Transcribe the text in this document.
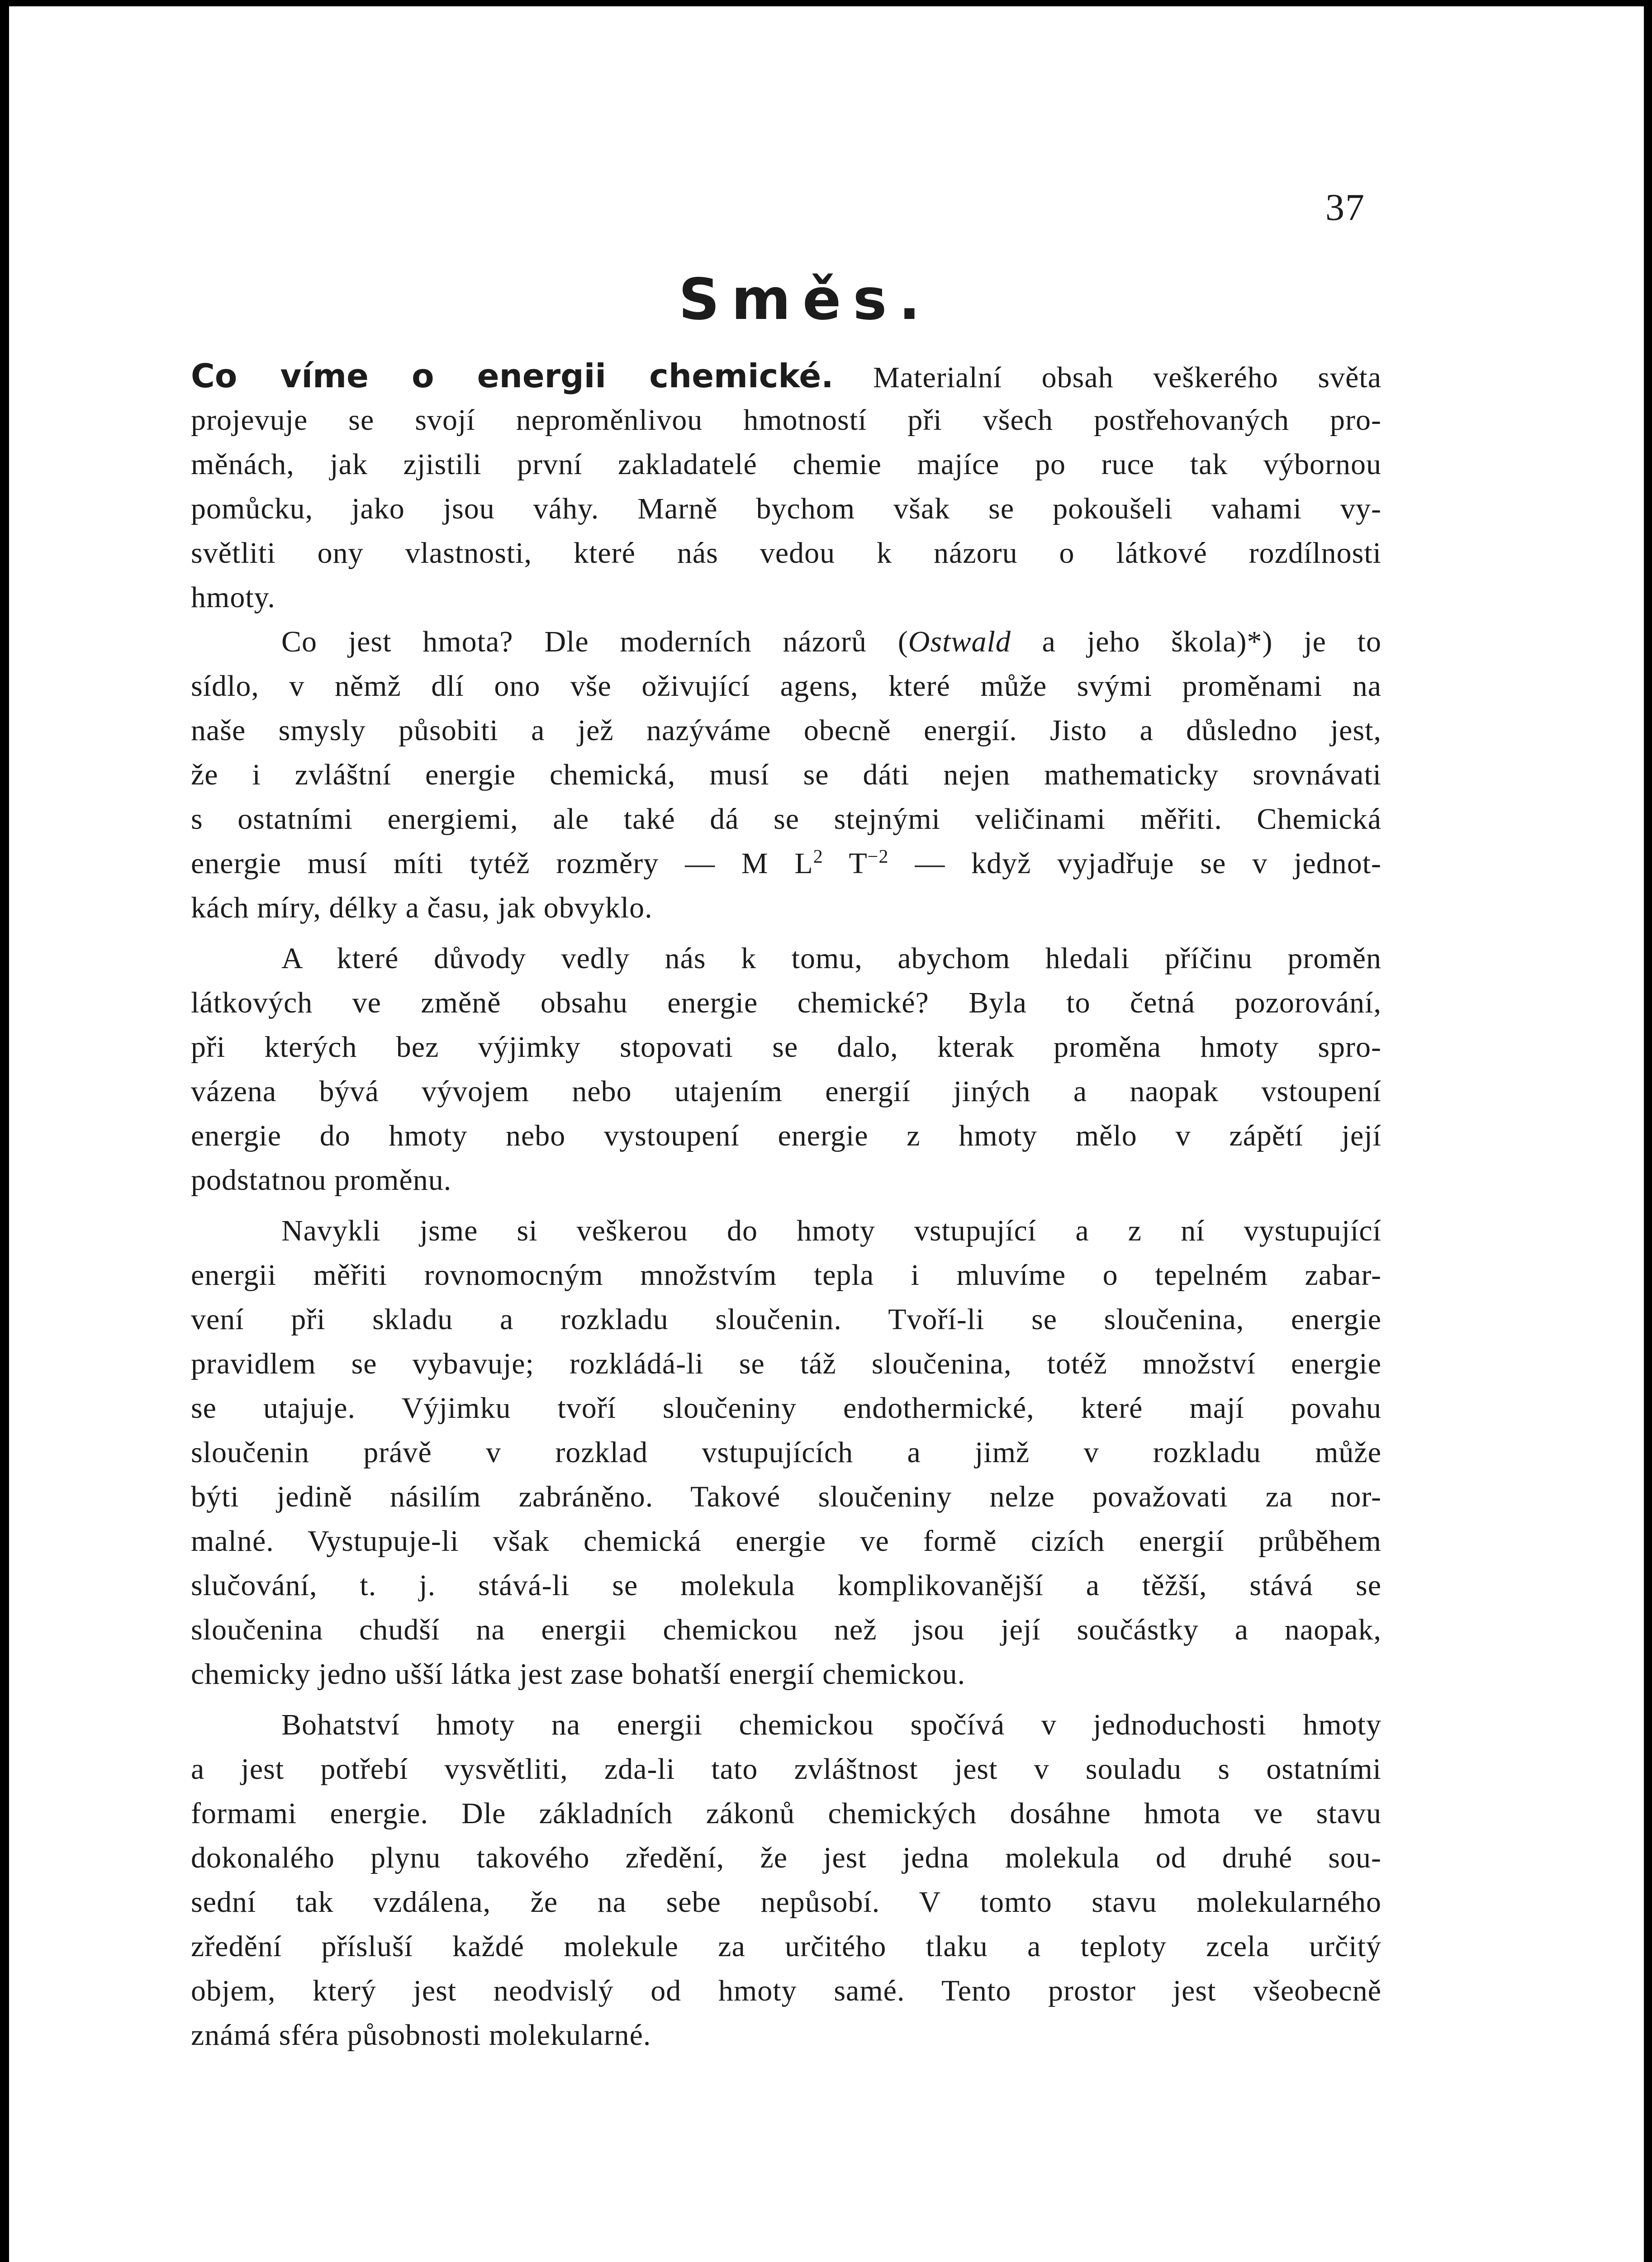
37
Směs.
Co víme o energii chemické. Materialní obsah veškerého světa
projevuje se svojí neproměnlivou hmotností při všech postřehovaných pro-
měnách, jak zjistili první zakladatelé chemie majíce po ruce tak výbornou
pomůcku, jako jsou váhy. Marně bychom však se pokoušeli vahami vy-
světliti ony vlastnosti, které nás vedou k názoru o látkové rozdílnosti
hmoty.
Co jest hmota? Dle moderních názorů (Ostwald a jeho škola)*) je to
sídlo, v němž dlí ono vše oživující agens, které může svými proměnami na
naše smysly působiti a jež nazýváme obecně energií. Jisto a důsledno jest,
že i zvláštní energie chemická, musí se dáti nejen mathematicky srovnávati
s ostatními energiemi, ale také dá se stejnými veličinami měřiti. Chemická
energie musí míti tytéž rozměry — M $L^2$ $T^{-2}$ — když vyjadřuje se v jednot-
kách míry, délky a času, jak obvyklo.
A které důvody vedly nás k tomu, abychom hledali příčinu proměn
látkových ve změně obsahu energie chemické? Byla to četná pozorování,
při kterých bez výjimky stopovati se dalo, kterak proměna hmoty spro-
vázena bývá vývojem nebo utajením energií jiných a naopak vstoupení
energie do hmoty nebo vystoupení energie z hmoty mělo v zápětí její
podstatnou proměnu.
Navykli jsme si veškerou do hmoty vstupující a z ní vystupující
energii měřiti rovnomocným množstvím tepla i mluvíme o tepelném zabar-
vení při skladu a rozkladu sloučenin. Tvoří-li se sloučenina, energie
pravidlem se vybavuje; rozkládá-li se táž sloučenina, totéž množství energie
se utajuje. Výjimku tvoří sloučeniny endothermické, které mají povahu
sloučenin právě v rozklad vstupujících a jimž v rozkladu může
býti jedině násilím zabráněno. Takové sloučeniny nelze považovati za nor-
malné. Vystupuje-li však chemická energie ve formě cizích energií průběhem
slučování, t. j. stává-li se molekula komplikovanější a těžší, stává se
sloučenina chudší na energii chemickou než jsou její součástky a naopak,
chemicky jedno ušší látka jest zase bohatší energií chemickou.
Bohatství hmoty na energii chemickou spočívá v jednoduchosti hmoty
a jest potřebí vysvětliti, zda-li tato zvláštnost jest v souladu s ostatními
formami energie. Dle základních zákonů chemických dosáhne hmota ve stavu
dokonalého plynu takového zředění, že jest jedna molekula od druhé sou-
sední tak vzdálena, že na sebe nepůsobí. V tomto stavu molekularného
zředění přísluší každé molekule za určitého tlaku a teploty zcela určitý
objem, který jest neodvislý od hmoty samé. Tento prostor jest všeobecně
známá sféra působnosti molekularné.
